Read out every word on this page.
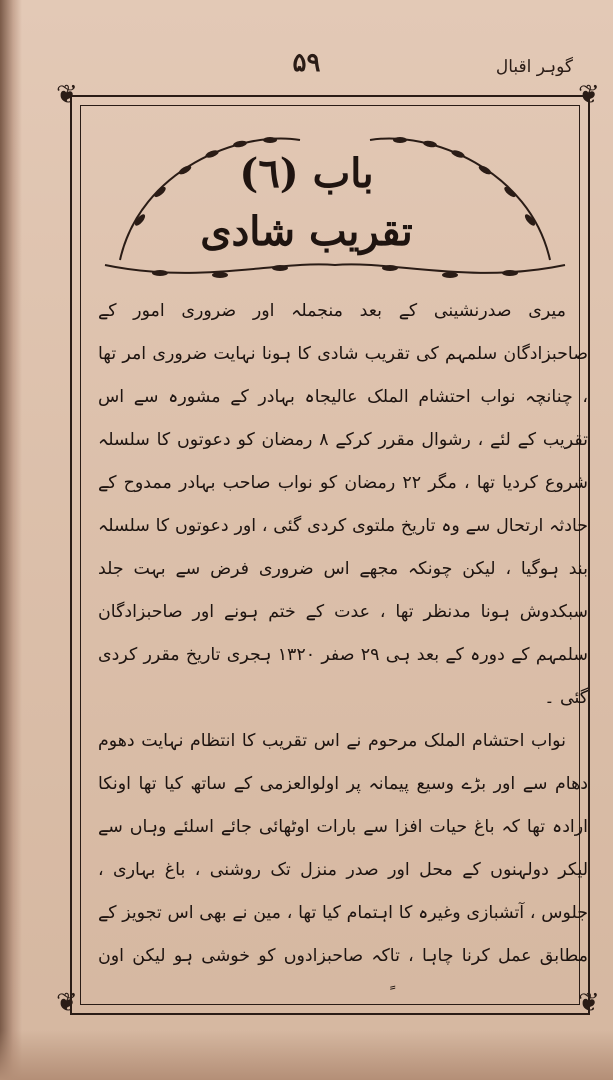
گوہر اقبال
۵۹
❦	❦
❦	❦
باب (٦)
تقریب شادی

میری صدرنشینی کے بعد منجملہ اور ضروری امور کے صاحبزادگان سلمہم کی تقریب شادی کا ہونا نہایت ضروری امر تھا ، چنانچہ نواب احتشام الملک عالیجاہ بہادر کے مشورہ سے اس تقریب کے لئے ، رشوال مقرر کرکے ۸ رمضان کو دعوتوں کا سلسلہ شروع کردیا تھا ، مگر ۲۲ رمضان کو نواب صاحب بہادر ممدوح کے حادثہ ارتحال سے وہ تاریخ ملتوی کردی گئی ، اور دعوتوں کا سلسلہ بند ہوگیا ، لیکن چونکہ مجھے اس ضروری فرض سے بہت جلد سبکدوش ہونا مدنظر تھا ، عدت کے ختم ہونے اور صاحبزادگان سلمہم کے دورہ کے بعد ہی ۲۹ صفر ۱۳۲۰ ہجری تاریخ مقرر کردی گئی ۔

نواب احتشام الملک مرحوم نے اس تقریب کا انتظام نہایت دھوم دھام سے اور بڑے وسیع پیمانہ پر اولوالعزمی کے ساتھ کیا تھا اونکا ارادہ تھا کہ باغ حیات افزا سے بارات اوٹھائی جائے اسلئے وہاں سے لیکر دولہنوں کے محل اور صدر منزل تک روشنی ، باغ بہاری ، جلوس ، آتشبازی وغیرہ کا اہتمام کیا تھا ، مین نے بھی اس تجویز کے مطابق عمل کرنا چاہا ، تاکہ صاحبزادوں کو خوشی ہو لیکن اون
